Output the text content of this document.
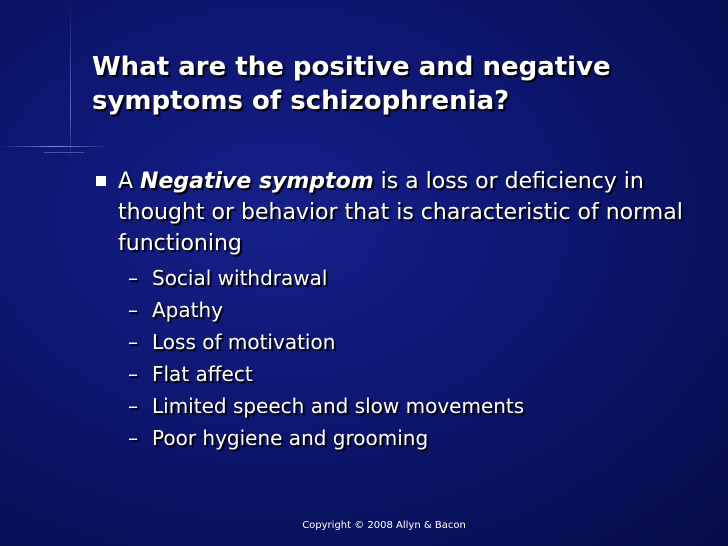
What are the positive and negative symptoms of schizophrenia?
A Negative symptom is a loss or deficiency in thought or behavior that is characteristic of normal functioning
– Social withdrawal
– Apathy
– Loss of motivation
– Flat affect
– Limited speech and slow movements
– Poor hygiene and grooming
Copyright © 2008 Allyn & Bacon
